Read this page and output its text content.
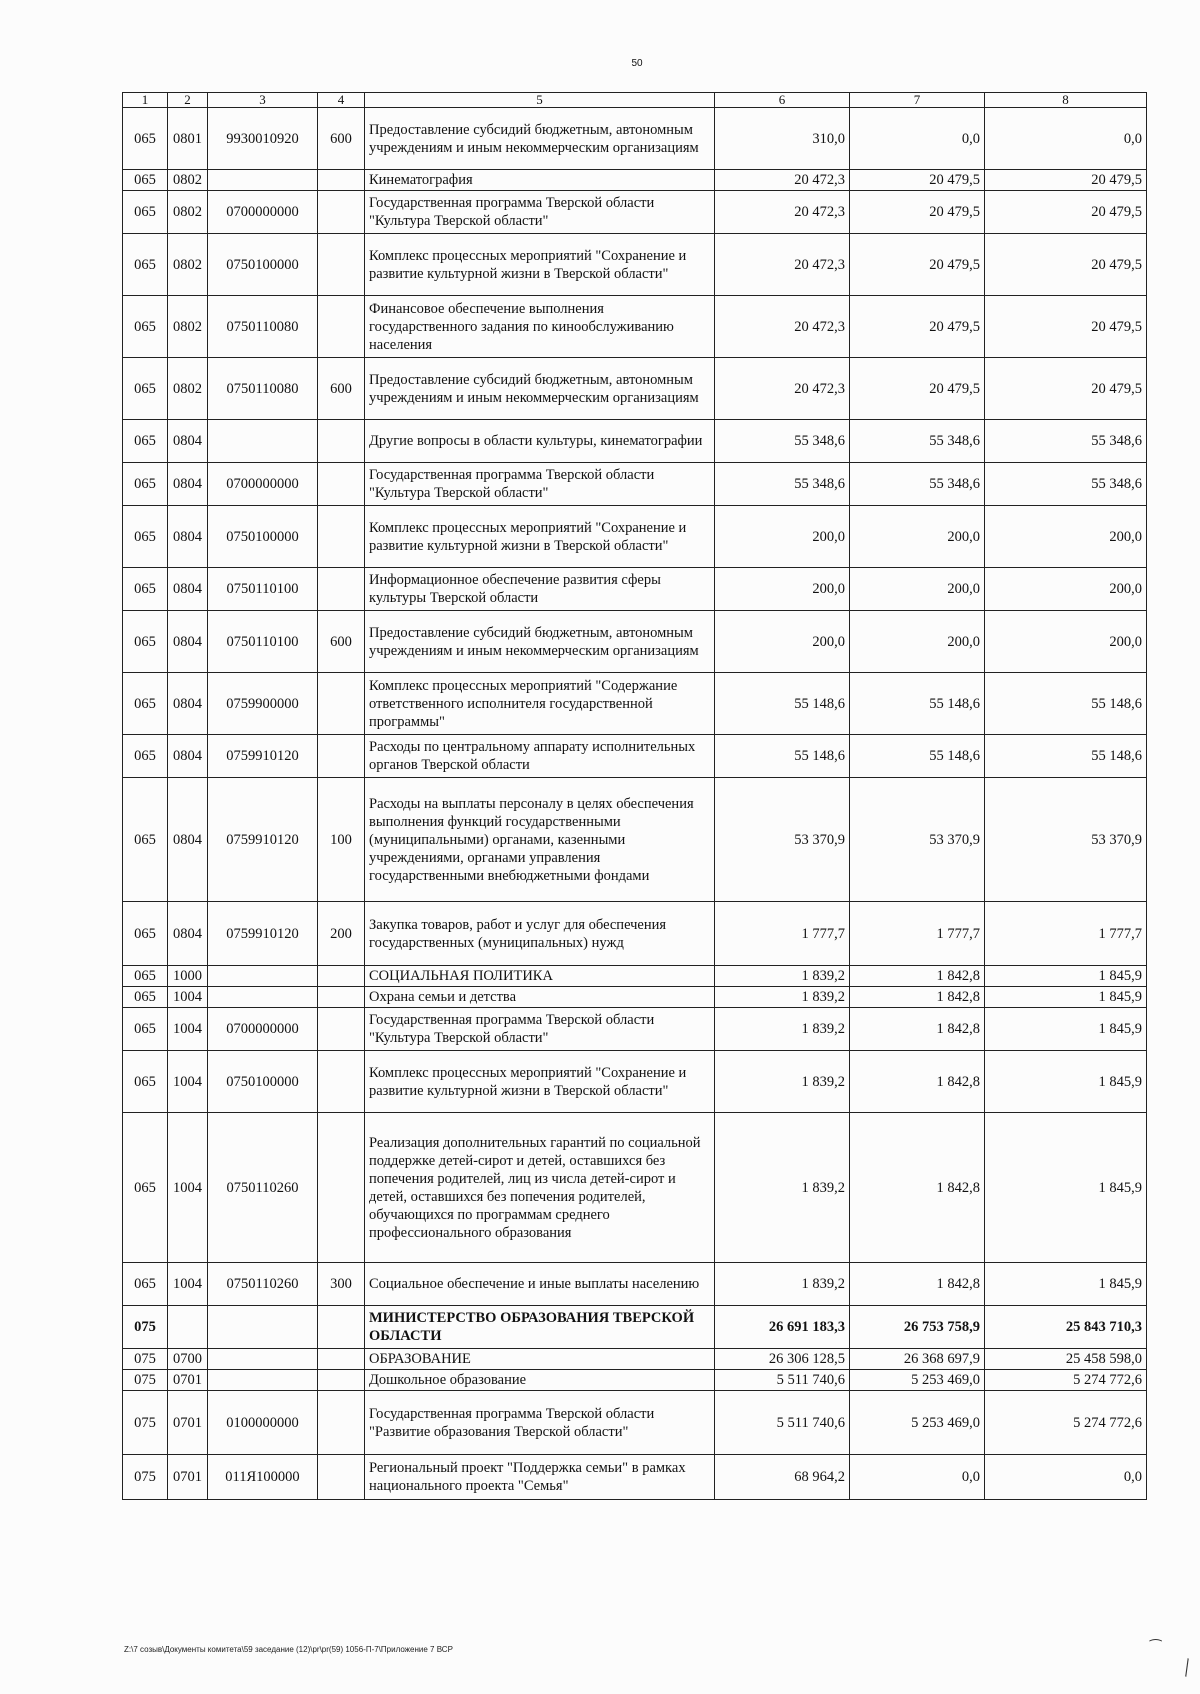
50
1	2	3	4	5	6	7	8
065	0801	9930010920	600	Предоставление субсидий бюджетным, автономным учреждениям и иным некоммерческим организациям	310,0	0,0	0,0
065	0802			Кинематография	20 472,3	20 479,5	20 479,5
065	0802	0700000000		Государственная программа Тверской области "Культура Тверской области"	20 472,3	20 479,5	20 479,5
065	0802	0750100000		Комплекс процессных мероприятий "Сохранение и развитие культурной жизни в Тверской области"	20 472,3	20 479,5	20 479,5
065	0802	0750110080		Финансовое обеспечение выполнения государственного задания по кинообслуживанию населения	20 472,3	20 479,5	20 479,5
065	0802	0750110080	600	Предоставление субсидий бюджетным, автономным учреждениям и иным некоммерческим организациям	20 472,3	20 479,5	20 479,5
065	0804			Другие вопросы в области культуры, кинематографии	55 348,6	55 348,6	55 348,6
065	0804	0700000000		Государственная программа Тверской области "Культура Тверской области"	55 348,6	55 348,6	55 348,6
065	0804	0750100000		Комплекс процессных мероприятий "Сохранение и развитие культурной жизни в Тверской области"	200,0	200,0	200,0
065	0804	0750110100		Информационное обеспечение развития сферы культуры Тверской области	200,0	200,0	200,0
065	0804	0750110100	600	Предоставление субсидий бюджетным, автономным учреждениям и иным некоммерческим организациям	200,0	200,0	200,0
065	0804	0759900000		Комплекс процессных мероприятий "Содержание ответственного исполнителя государственной программы"	55 148,6	55 148,6	55 148,6
065	0804	0759910120		Расходы по центральному аппарату исполнительных органов Тверской области	55 148,6	55 148,6	55 148,6
065	0804	0759910120	100	Расходы на выплаты персоналу в целях обеспечения выполнения функций государственными (муниципальными) органами, казенными учреждениями, органами управления государственными внебюджетными фондами	53 370,9	53 370,9	53 370,9
065	0804	0759910120	200	Закупка товаров, работ и услуг для обеспечения государственных (муниципальных) нужд	1 777,7	1 777,7	1 777,7
065	1000			СОЦИАЛЬНАЯ ПОЛИТИКА	1 839,2	1 842,8	1 845,9
065	1004			Охрана семьи и детства	1 839,2	1 842,8	1 845,9
065	1004	0700000000		Государственная программа Тверской области "Культура Тверской области"	1 839,2	1 842,8	1 845,9
065	1004	0750100000		Комплекс процессных мероприятий "Сохранение и развитие культурной жизни в Тверской области"	1 839,2	1 842,8	1 845,9
065	1004	0750110260		Реализация дополнительных гарантий по социальной поддержке детей-сирот и детей, оставшихся без попечения родителей, лиц из числа детей-сирот и детей, оставшихся без попечения родителей, обучающихся по программам среднего профессионального образования	1 839,2	1 842,8	1 845,9
065	1004	0750110260	300	Социальное обеспечение и иные выплаты населению	1 839,2	1 842,8	1 845,9
075				МИНИСТЕРСТВО ОБРАЗОВАНИЯ ТВЕРСКОЙ ОБЛАСТИ	26 691 183,3	26 753 758,9	25 843 710,3
075	0700			ОБРАЗОВАНИЕ	26 306 128,5	26 368 697,9	25 458 598,0
075	0701			Дошкольное образование	5 511 740,6	5 253 469,0	5 274 772,6
075	0701	0100000000		Государственная программа Тверской области "Развитие образования Тверской области"	5 511 740,6	5 253 469,0	5 274 772,6
075	0701	011Я100000		Региональный проект "Поддержка семьи" в рамках национального проекта "Семья"	68 964,2	0,0	0,0
⁀
╲
Z:\7 созыв\Документы комитета\59 заседание (12)\pr\pr(59) 1056-П-7\Приложение 7 ВСР
